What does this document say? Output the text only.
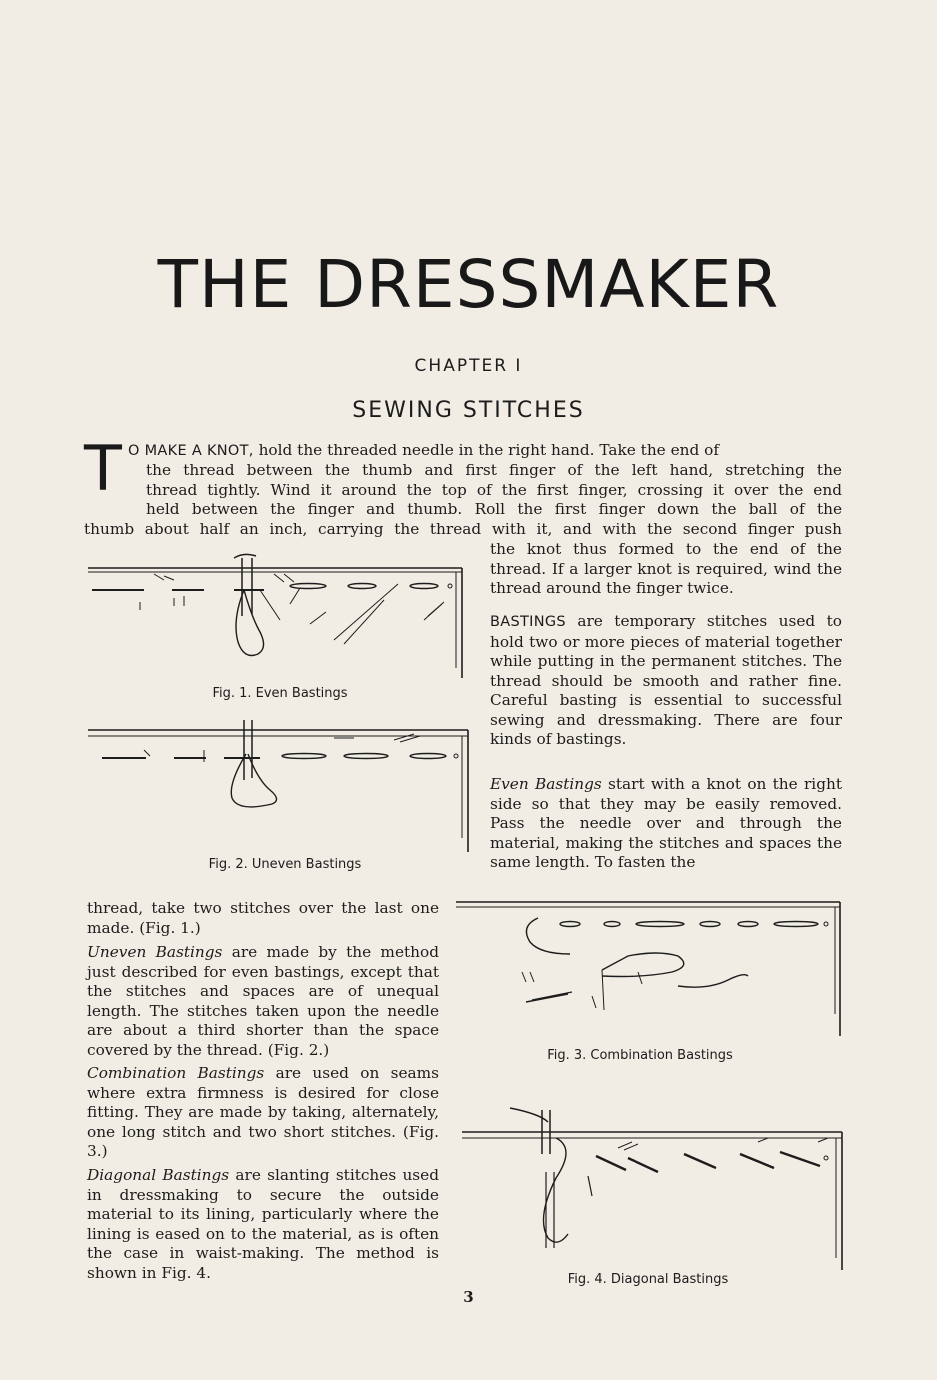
THE DRESSMAKER
CHAPTER I
SEWING STITCHES
T O MAKE A KNOT, hold the threaded needle in the right hand. Take the end of
the thread between the thumb and first finger of the left hand, stretching the
thread tightly. Wind it around the top of the first finger, crossing it over the end
held between the finger and thumb. Roll the first finger down the ball of the
thumb about half an inch, carrying the thread with it, and with the second finger push
the knot thus formed to the end of the thread. If a larger knot is required, wind the thread around the finger twice.
BASTINGS are temporary stitches used to hold two or more pieces of material together while putting in the permanent stitches. The thread should be smooth and rather fine. Careful basting is essential to successful sewing and dressmaking. There are four kinds of bastings.
Even Bastings start with a knot on the right side so that they may be easily removed. Pass the needle over and through the material, making the stitches and spaces the same length. To fasten the
thread, take two stitches over the last one made. (Fig. 1.)
Uneven Bastings are made by the method just described for even bastings, except that the stitches and spaces are of unequal length. The stitches taken upon the needle are about a third shorter than the space covered by the thread. (Fig. 2.)
Combination Bastings are used on seams where extra firmness is desired for close fitting. They are made by taking, alternately, one long stitch and two short stitches. (Fig. 3.)
Diagonal Bastings are slanting stitches used in dressmaking to secure the outside material to its lining, particularly where the lining is eased on to the material, as is often the case in waist-making. The method is shown in Fig. 4.
Fig. 1. Even Bastings
Fig. 2. Uneven Bastings
Fig. 3. Combination Bastings
Fig. 4. Diagonal Bastings
3
